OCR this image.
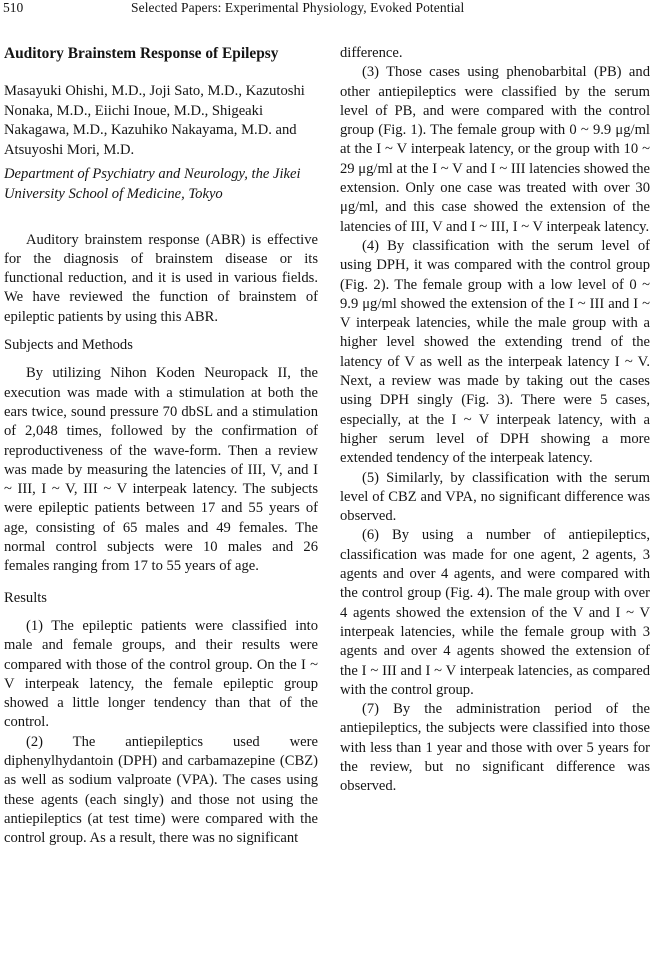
510	Selected Papers: Experimental Physiology, Evoked Potential
Auditory Brainstem Response of Epilepsy

Masayuki Ohishi, M.D., Joji Sato, M.D., Kazutoshi Nonaka, M.D., Eiichi Inoue, M.D., Shigeaki Nakagawa, M.D., Kazuhiko Nakayama, M.D. and Atsuyoshi Mori, M.D.

Department of Psychiatry and Neurology, the Jikei University School of Medicine, Tokyo

Auditory brainstem response (ABR) is effective for the diagnosis of brainstem disease or its functional reduction, and it is used in various fields. We have reviewed the function of brainstem of epileptic patients by using this ABR.

Subjects and Methods

By utilizing Nihon Koden Neuropack II, the execution was made with a stimulation at both the ears twice, sound pressure 70 dbSL and a stimulation of 2,048 times, followed by the confirmation of reproductiveness of the wave-form. Then a review was made by measuring the latencies of III, V, and I ~ III, I ~ V, III ~ V interpeak latency. The subjects were epileptic patients between 17 and 55 years of age, consisting of 65 males and 49 females. The normal control subjects were 10 males and 26 females ranging from 17 to 55 years of age.

Results

(1) The epileptic patients were classified into male and female groups, and their results were compared with those of the control group. On the I ~ V interpeak latency, the female epileptic group showed a little longer tendency than that of the control.

(2) The antiepileptics used were diphenylhydantoin (DPH) and carbamazepine (CBZ) as well as sodium valproate (VPA). The cases using these agents (each singly) and those not using the antiepileptics (at test time) were compared with the control group. As a result, there was no significant

difference.

(3) Those cases using phenobarbital (PB) and other antiepileptics were classified by the serum level of PB, and were compared with the control group (Fig. 1). The female group with 0 ~ 9.9 μg/ml at the I ~ V interpeak latency, or the group with 10 ~ 29 μg/ml at the I ~ V and I ~ III latencies showed the extension. Only one case was treated with over 30 μg/ml, and this case showed the extension of the latencies of III, V and I ~ III, I ~ V interpeak latency.

(4) By classification with the serum level of using DPH, it was compared with the control group (Fig. 2). The female group with a low level of 0 ~ 9.9 μg/ml showed the extension of the I ~ III and I ~ V interpeak latencies, while the male group with a higher level showed the extending trend of the latency of V as well as the interpeak latency I ~ V. Next, a review was made by taking out the cases using DPH singly (Fig. 3). There were 5 cases, especially, at the I ~ V interpeak latency, with a higher serum level of DPH showing a more extended tendency of the interpeak latency.

(5) Similarly, by classification with the serum level of CBZ and VPA, no significant difference was observed.

(6) By using a number of antiepileptics, classification was made for one agent, 2 agents, 3 agents and over 4 agents, and were compared with the control group (Fig. 4). The male group with over 4 agents showed the extension of the V and I ~ V interpeak latencies, while the female group with 3 agents and over 4 agents showed the extension of the I ~ III and I ~ V interpeak latencies, as compared with the control group.

(7) By the administration period of the antiepileptics, the subjects were classified into those with less than 1 year and those with over 5 years for the review, but no significant difference was observed.
